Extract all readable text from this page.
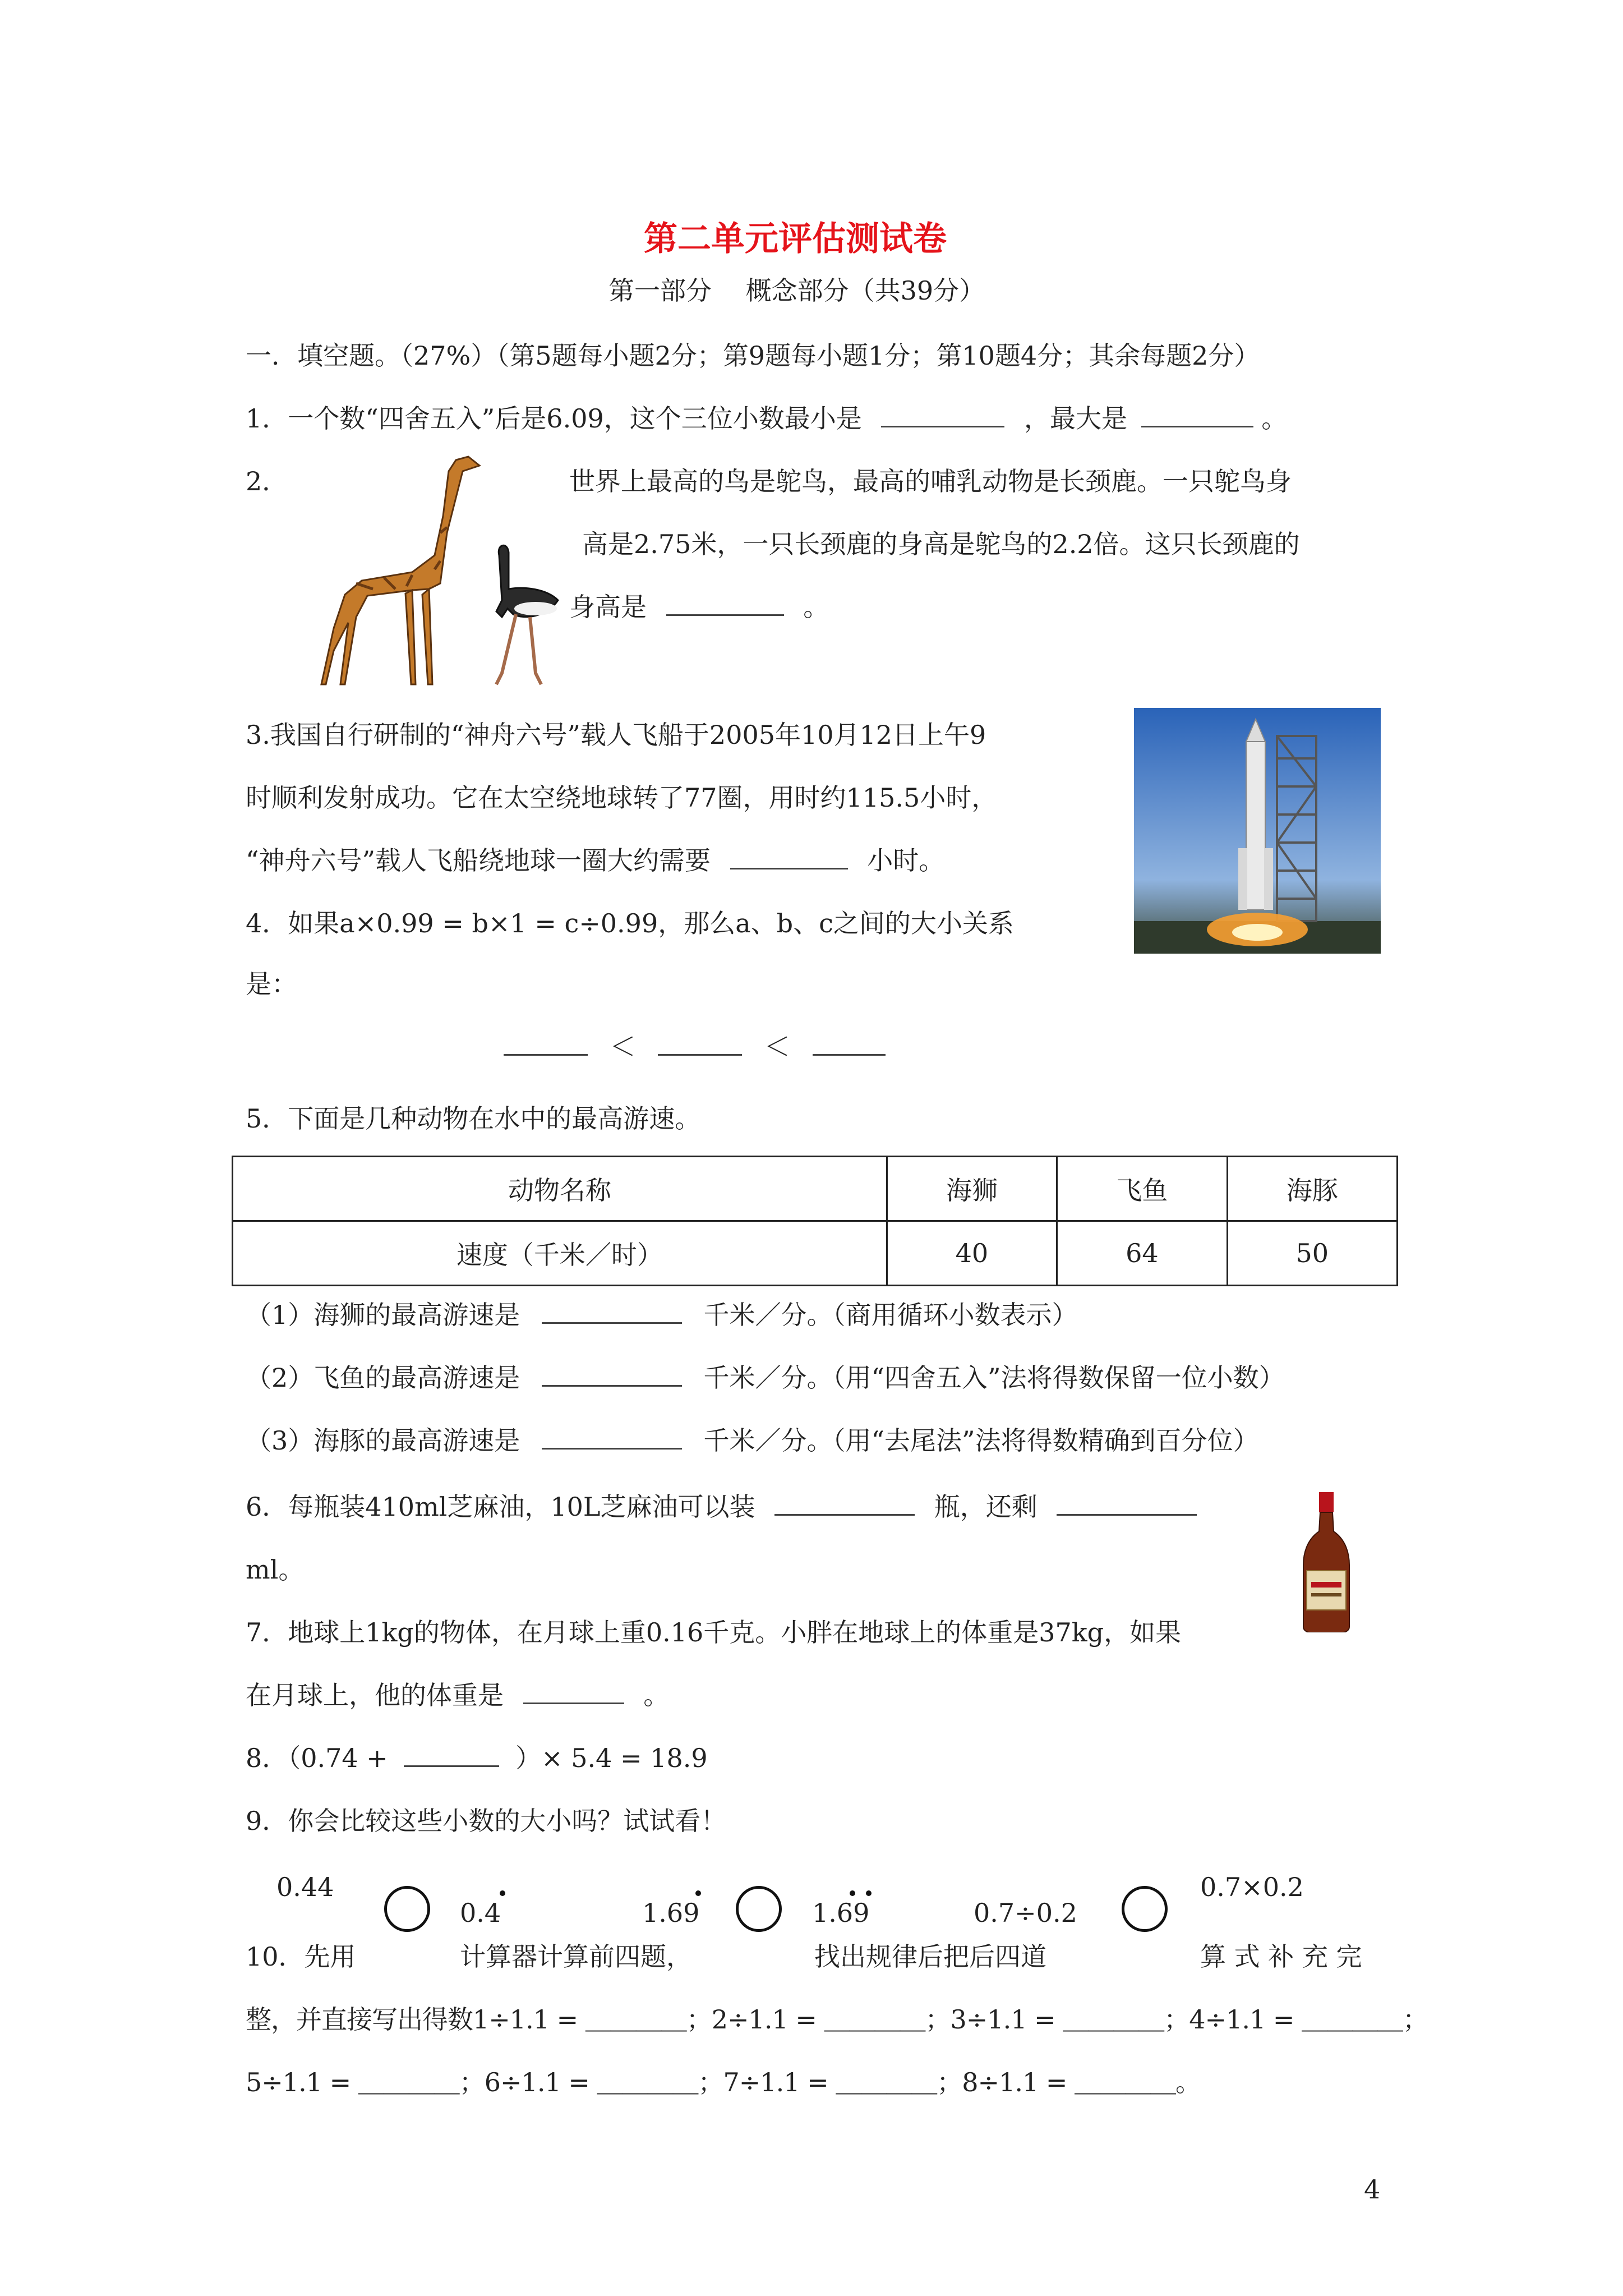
第二单元评估测试卷
第一部分　 概念部分（共39分）
一．填空题。（27%）（第5题每小题2分；第9题每小题1分；第10题4分；其余每题2分）
1．一个数“四舍五入”后是6.09，这个三位小数最小是	，最大是	。
2．	世界上最高的鸟是鸵鸟，最高的哺乳动物是长颈鹿。一只鸵鸟身
高是2.75米，一只长颈鹿的身高是鸵鸟的2.2倍。这只长颈鹿的
身高是	。
3.我国自行研制的“神舟六号”载人飞船于2005年10月12日上午9
时顺利发射成功。它在太空绕地球转了77圈，用时约115.5小时，
“神舟六号”载人飞船绕地球一圈大约需要	小时。
4．如果a×0.99 = b×1 = c÷0.99，那么a、b、c之间的大小关系
是：
＜	＜
5．下面是几种动物在水中的最高游速。
动物名称	海狮	飞鱼	海豚
速度（千米／时）	40	64	50
（1）海狮的最高游速是	千米／分。（商用循环小数表示）
（2）飞鱼的最高游速是	千米／分。（用“四舍五入”法将得数保留一位小数）
（3）海豚的最高游速是	千米／分。（用“去尾法”法将得数精确到百分位）
6．每瓶装410ml芝麻油，10L芝麻油可以装	瓶，还剩
ml。
7．地球上1kg的物体，在月球上重0.16千克。小胖在地球上的体重是37kg，如果
在月球上，他的体重是	。
8．（0.74 +	）× 5.4 = 18.9
9．你会比较这些小数的大小吗？试试看！
0.44
0.4	1.69	1.69	0.7÷0.2
0.7×0.2
10．先用	计算器计算前四题，	找出规律后把后四道	算 式 补 充 完
整，并直接写出得数1÷1.1 = ＿＿＿＿；2÷1.1 = ＿＿＿＿；3÷1.1 = ＿＿＿＿；4÷1.1 = ＿＿＿＿；
5÷1.1 = ＿＿＿＿；6÷1.1 = ＿＿＿＿；7÷1.1 = ＿＿＿＿；8÷1.1 = ＿＿＿＿。
4
